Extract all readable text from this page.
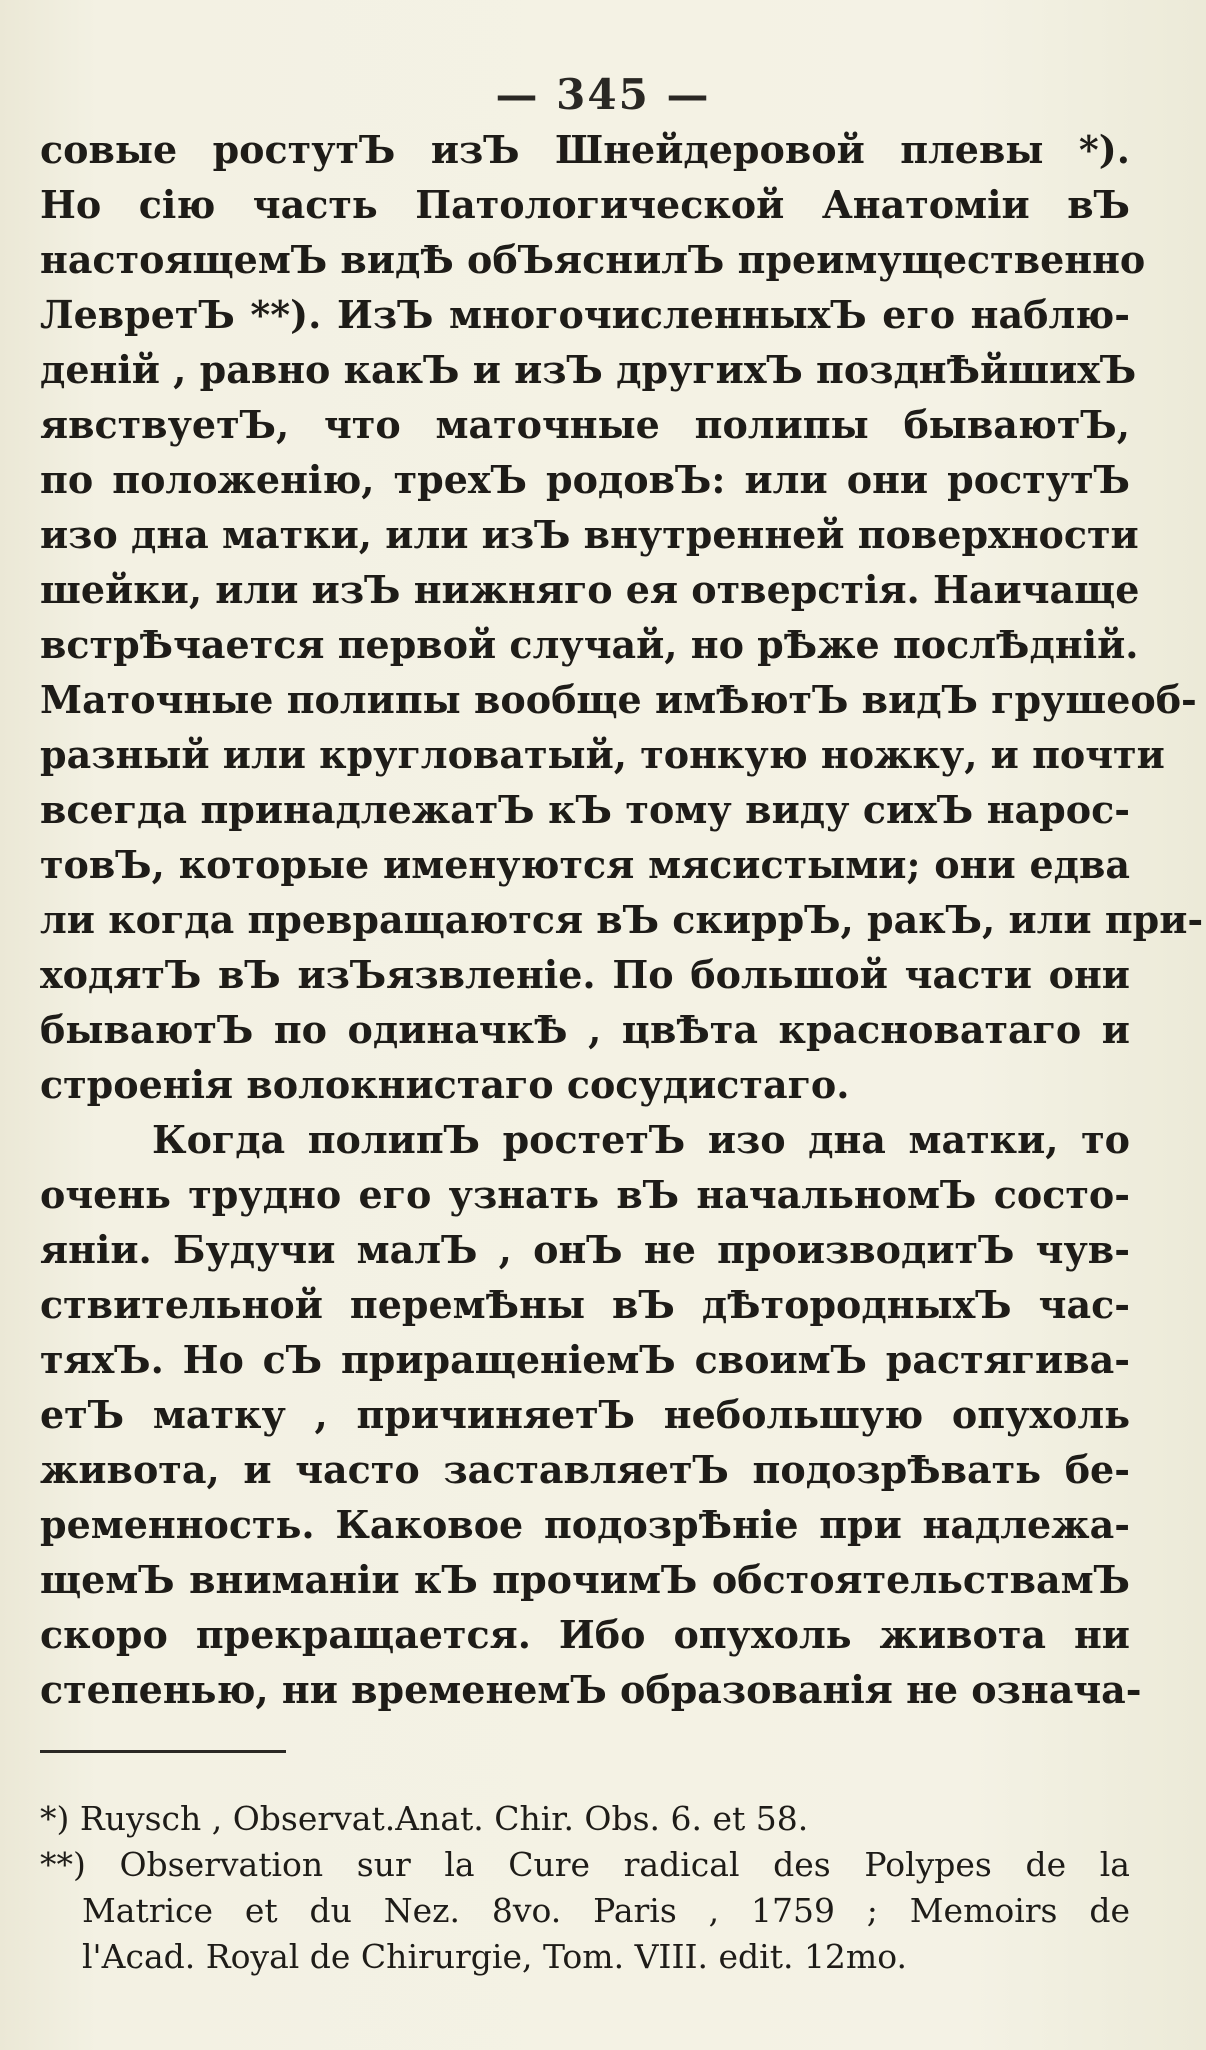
— 345 —
совые ростутЪ изЪ Шнейдеровой плевы *).
Но сію часть Патологической Анатоміи вЪ
настоящемЪ видѢ обЪяснилЪ преимущественно
ЛевретЪ **). ИзЪ многочисленныхЪ его наблю-
деній , равно какЪ и изЪ другихЪ позднѢйшихЪ
явствуетЪ, что маточные полипы бываютЪ,
по положенію, трехЪ родовЪ: или они ростутЪ
изо дна матки, или изЪ внутренней поверхности
шейки, или изЪ нижняго ея отверстія. Наичаще
встрѢчается первой случай, но рѢже послѢдній.
Маточные полипы вообще имѢютЪ видЪ грушеоб-
разный или кругловатый, тонкую ножку, и почти
всегда принадлежатЪ кЪ тому виду сихЪ нарос-
товЪ, которые именуются мясистыми; они едва
ли когда превращаются вЪ скиррЪ, ракЪ, или при-
ходятЪ вЪ изЪязвленіе. По большой части они
бываютЪ по одиначкѢ , цвѢта красноватаго и
строенія волокнистаго сосудистаго.
Когда полипЪ ростетЪ изо дна матки, то
очень трудно его узнать вЪ начальномЪ состо-
яніи. Будучи малЪ , онЪ не производитЪ чув-
ствительной перемѢны вЪ дѢтородныхЪ час-
тяхЪ. Но сЪ приращеніемЪ своимЪ растягива-
етЪ матку , причиняетЪ небольшую опухоль
живота, и часто заставляетЪ подозрѢвать бе-
ременность. Каковое подозрѢніе при надлежа-
щемЪ вниманіи кЪ прочимЪ обстоятельствамЪ
скоро прекращается. Ибо опухоль живота ни
степенью, ни временемЪ образованія не означа-
*) Ruysch , Observat.Anat. Chir. Obs. 6. et 58.
**) Observation sur la Cure radical des Polypes de la
Matrice et du Nez. 8vo. Paris , 1759 ; Memoirs de
l'Acad. Royal de Chirurgie, Tom. VIII. edit. 12mo.
